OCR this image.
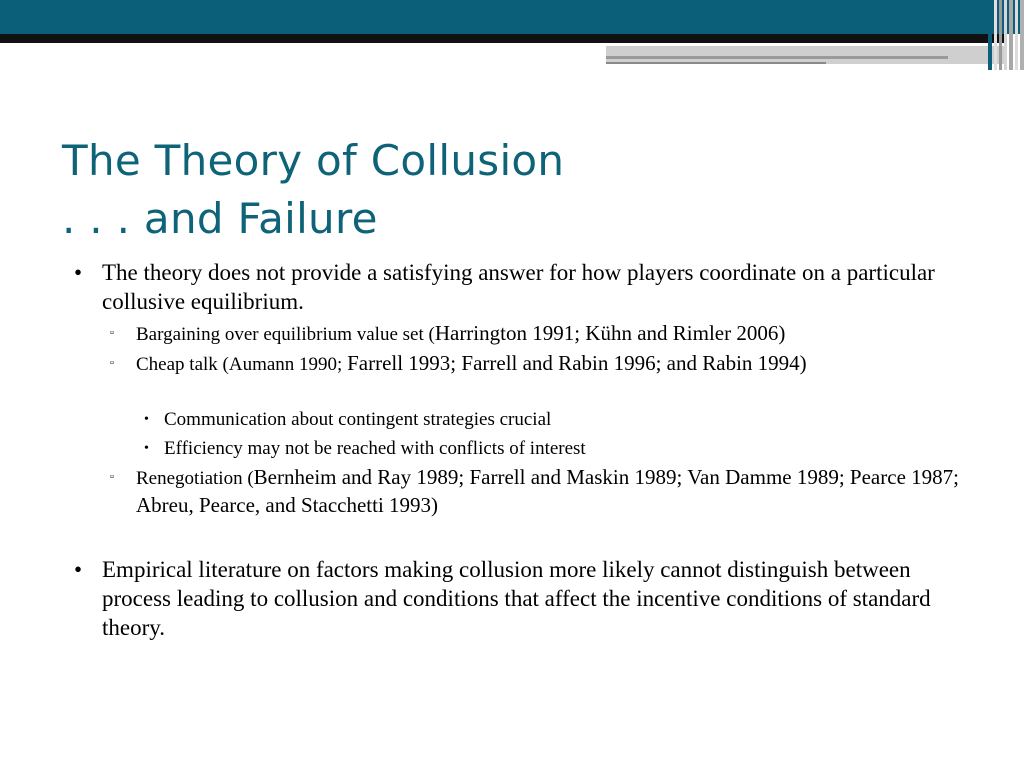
The Theory of Collusion
. . . and Failure
• The theory does not provide a satisfying answer for how players coordinate on a particular collusive equilibrium.
▫ Bargaining over equilibrium value set (Harrington 1991; Kühn and Rimler 2006)
▫ Cheap talk (Aumann 1990; Farrell 1993; Farrell and Rabin 1996; and Rabin 1994)
• Communication about contingent strategies crucial
• Efficiency may not be reached with conflicts of interest
▫ Renegotiation (Bernheim and Ray 1989; Farrell and Maskin 1989; Van Damme 1989; Pearce 1987; Abreu, Pearce, and Stacchetti 1993)
• Empirical literature on factors making collusion more likely cannot distinguish between process leading to collusion and conditions that affect the incentive conditions of standard theory.
